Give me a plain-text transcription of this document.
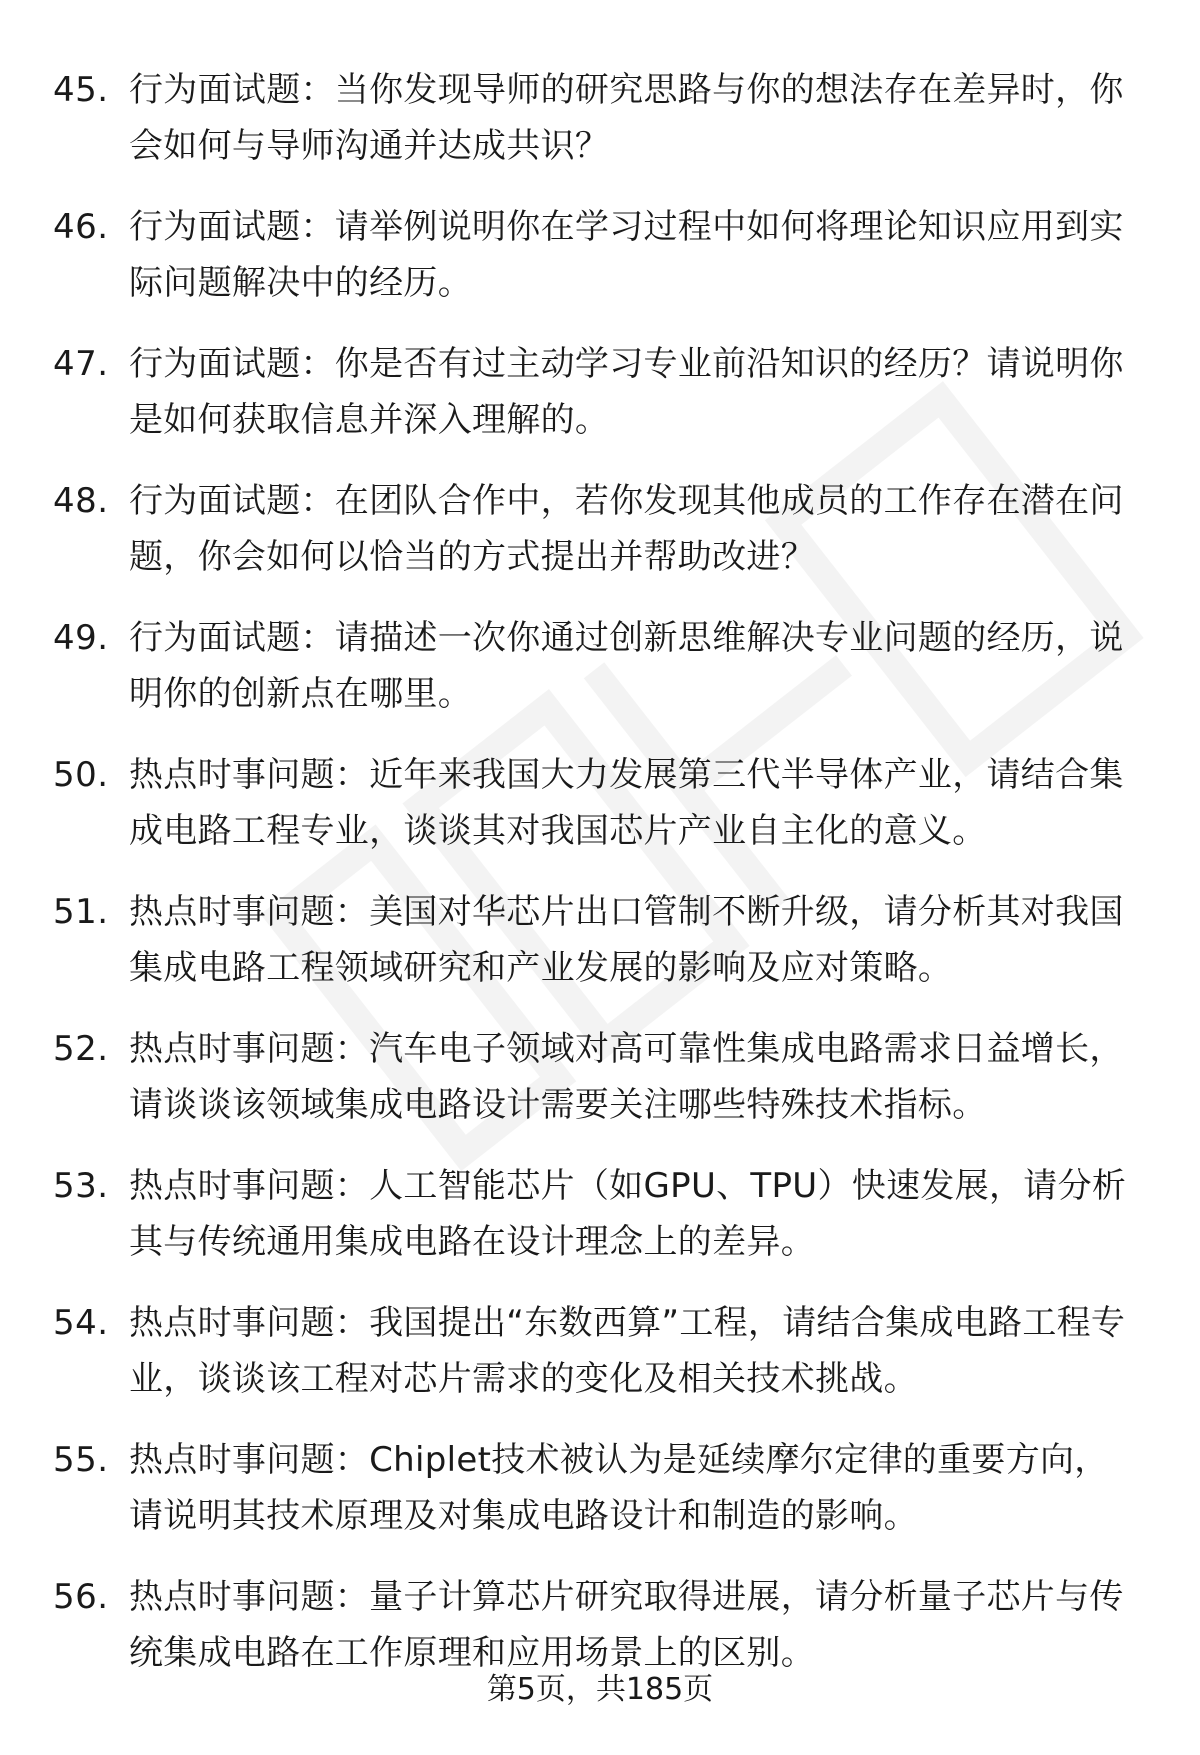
45. 行为面试题：当你发现导师的研究思路与你的想法存在差异时，你会如何与导师沟通并达成共识？
46. 行为面试题：请举例说明你在学习过程中如何将理论知识应用到实际问题解决中的经历。
47. 行为面试题：你是否有过主动学习专业前沿知识的经历？请说明你是如何获取信息并深入理解的。
48. 行为面试题：在团队合作中，若你发现其他成员的工作存在潜在问题，你会如何以恰当的方式提出并帮助改进？
49. 行为面试题：请描述一次你通过创新思维解决专业问题的经历，说明你的创新点在哪里。
50. 热点时事问题：近年来我国大力发展第三代半导体产业，请结合集成电路工程专业，谈谈其对我国芯片产业自主化的意义。
51. 热点时事问题：美国对华芯片出口管制不断升级，请分析其对我国集成电路工程领域研究和产业发展的影响及应对策略。
52. 热点时事问题：汽车电子领域对高可靠性集成电路需求日益增长，请谈谈该领域集成电路设计需要关注哪些特殊技术指标。
53. 热点时事问题：人工智能芯片（如GPU、TPU）快速发展，请分析其与传统通用集成电路在设计理念上的差异。
54. 热点时事问题：我国提出“东数西算”工程，请结合集成电路工程专业，谈谈该工程对芯片需求的变化及相关技术挑战。
55. 热点时事问题：Chiplet技术被认为是延续摩尔定律的重要方向，请说明其技术原理及对集成电路设计和制造的影响。
56. 热点时事问题：量子计算芯片研究取得进展，请分析量子芯片与传统集成电路在工作原理和应用场景上的区别。
第5页，共185页
